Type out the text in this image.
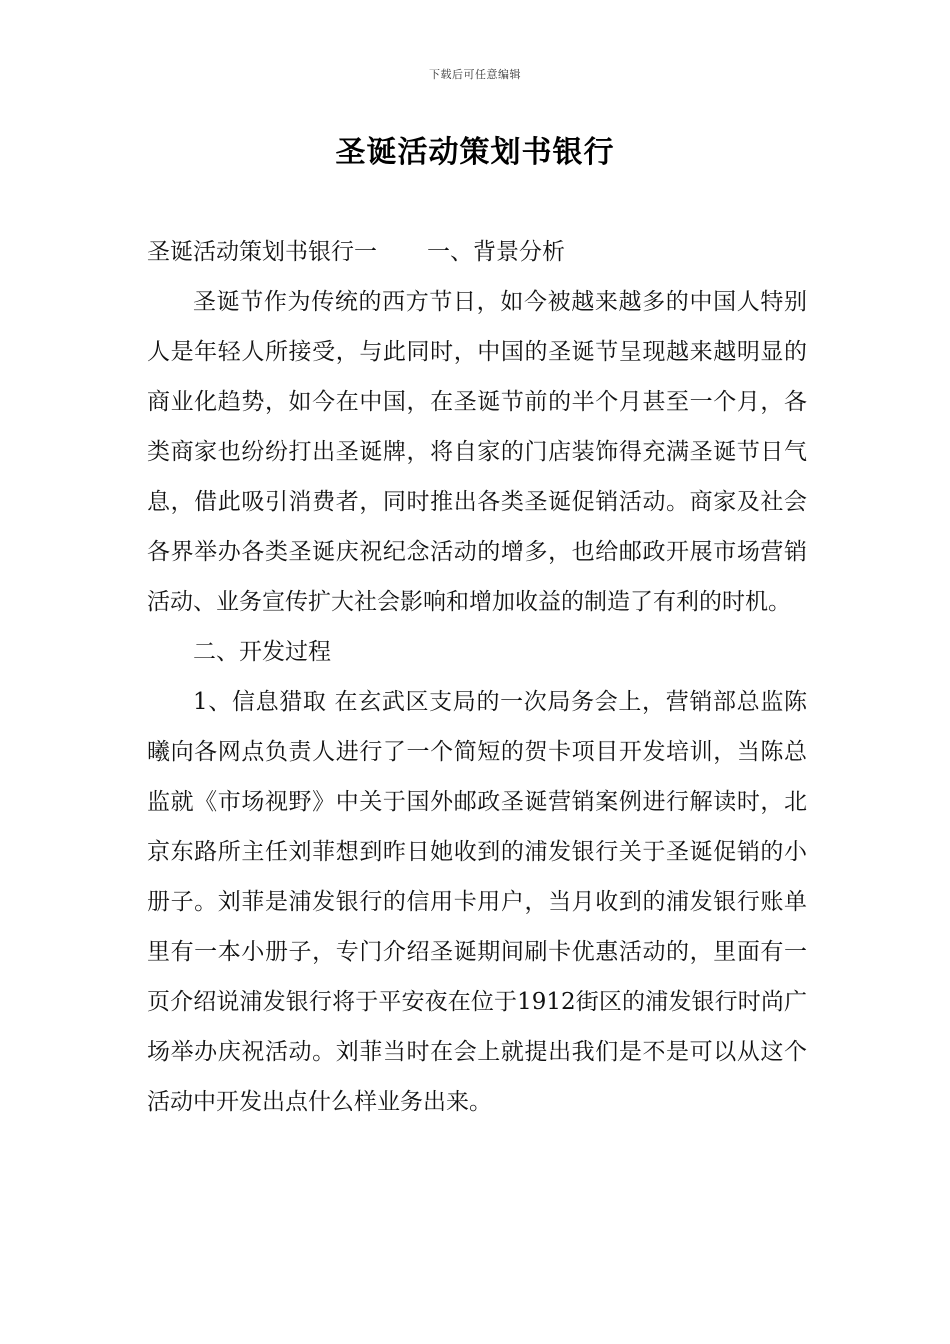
下载后可任意编辑
圣诞活动策划书银行

圣诞活动策划书银行一 一、背景分析

圣诞节作为传统的西方节日，如今被越来越多的中国人特别人是年轻人所接受，与此同时，中国的圣诞节呈现越来越明显的商业化趋势，如今在中国，在圣诞节前的半个月甚至一个月，各类商家也纷纷打出圣诞牌，将自家的门店装饰得充满圣诞节日气息，借此吸引消费者，同时推出各类圣诞促销活动。商家及社会各界举办各类圣诞庆祝纪念活动的增多，也给邮政开展市场营销活动、业务宣传扩大社会影响和增加收益的制造了有利的时机。

二、开发过程

1、信息猎取 在玄武区支局的一次局务会上，营销部总监陈曦向各网点负责人进行了一个简短的贺卡项目开发培训，当陈总监就《市场视野》中关于国外邮政圣诞营销案例进行解读时，北京东路所主任刘菲想到昨日她收到的浦发银行关于圣诞促销的小册子。刘菲是浦发银行的信用卡用户，当月收到的浦发银行账单里有一本小册子，专门介绍圣诞期间刷卡优惠活动的，里面有一页介绍说浦发银行将于平安夜在位于1912街区的浦发银行时尚广场举办庆祝活动。刘菲当时在会上就提出我们是不是可以从这个活动中开发出点什么样业务出来。
